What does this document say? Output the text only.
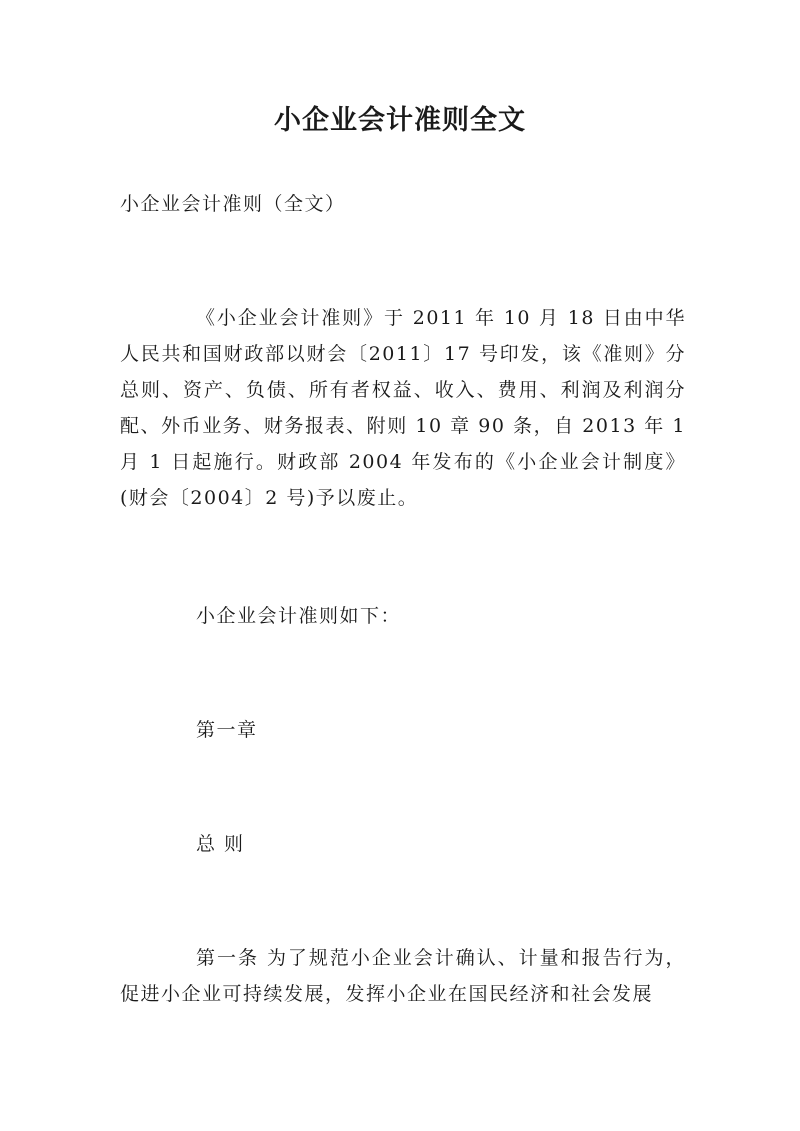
小企业会计准则全文

小企业会计准则（全文）

《小企业会计准则》于 2011 年 10 月 18 日由中华人民共和国财政部以财会〔2011〕17 号印发，该《准则》分总则、资产、负债、所有者权益、收入、费用、利润及利润分配、外币业务、财务报表、附则 10 章 90 条，自 2013 年 1 月 1 日起施行。财政部 2004 年发布的《小企业会计制度》(财会〔2004〕2 号)予以废止。

小企业会计准则如下：

第一章

总 则

第一条 为了规范小企业会计确认、计量和报告行为，促进小企业可持续发展，发挥小企业在国民经济和社会发展
